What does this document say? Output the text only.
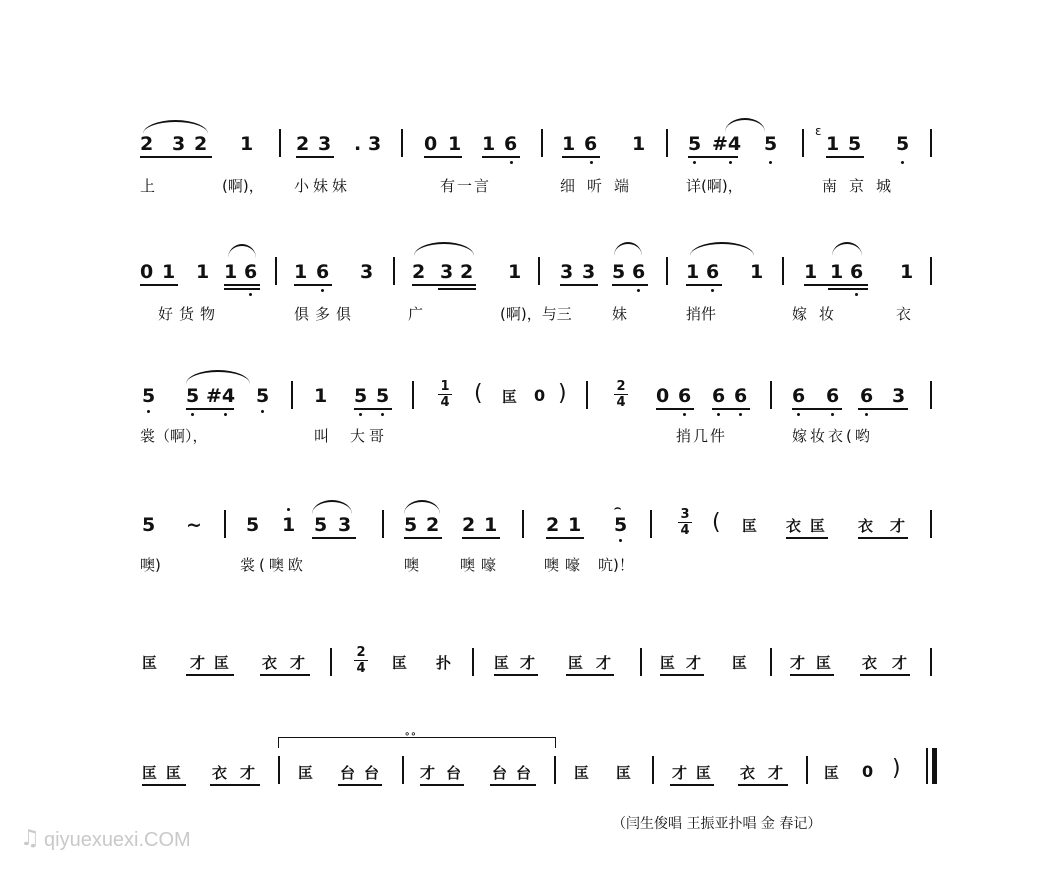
2 3 2 1 2 3 . 3 0 1 1 6 1 6 1 5 #4 5
ɛ
1 5 5
上	(啊)， 小妹妹	有一言	细听端	详(啊)，	南京城
0 1 1 1 6 1 6 3 2 3 2 1 3 3 5 6 1 6 1 1 1 6 1
好货物	俱多俱	广	(啊)，与三	妹	捎件	嫁妆	衣
5 5 #4 5 1 5 5	1
4 ( 匡 0 )	2
4 0 6 6 6 6 6 6 3
裳（啊），	叫 大哥	捎几件	嫁妆衣(哟
⌢
5 ~ 5 1 5 3	5 2 2 1	2 1 5	3
4 ( 匡 衣 匡 衣 才
噢)	裳(噢欧	噢	噢嚎	噢嚎 吭)！
匡 才 匡 衣 才
2
4 匡 扑	匡 才 匡 才	匡 才 匡	才 匡 衣 才
∘∘
匡 匡 衣 才	匡 台 台	才 台 台 台	匡 匡	才 匡 衣 才	匡 0 )
（闫生俊唱 王振亚扑唱 金 春记）
♫ qiyuexuexi.COM
